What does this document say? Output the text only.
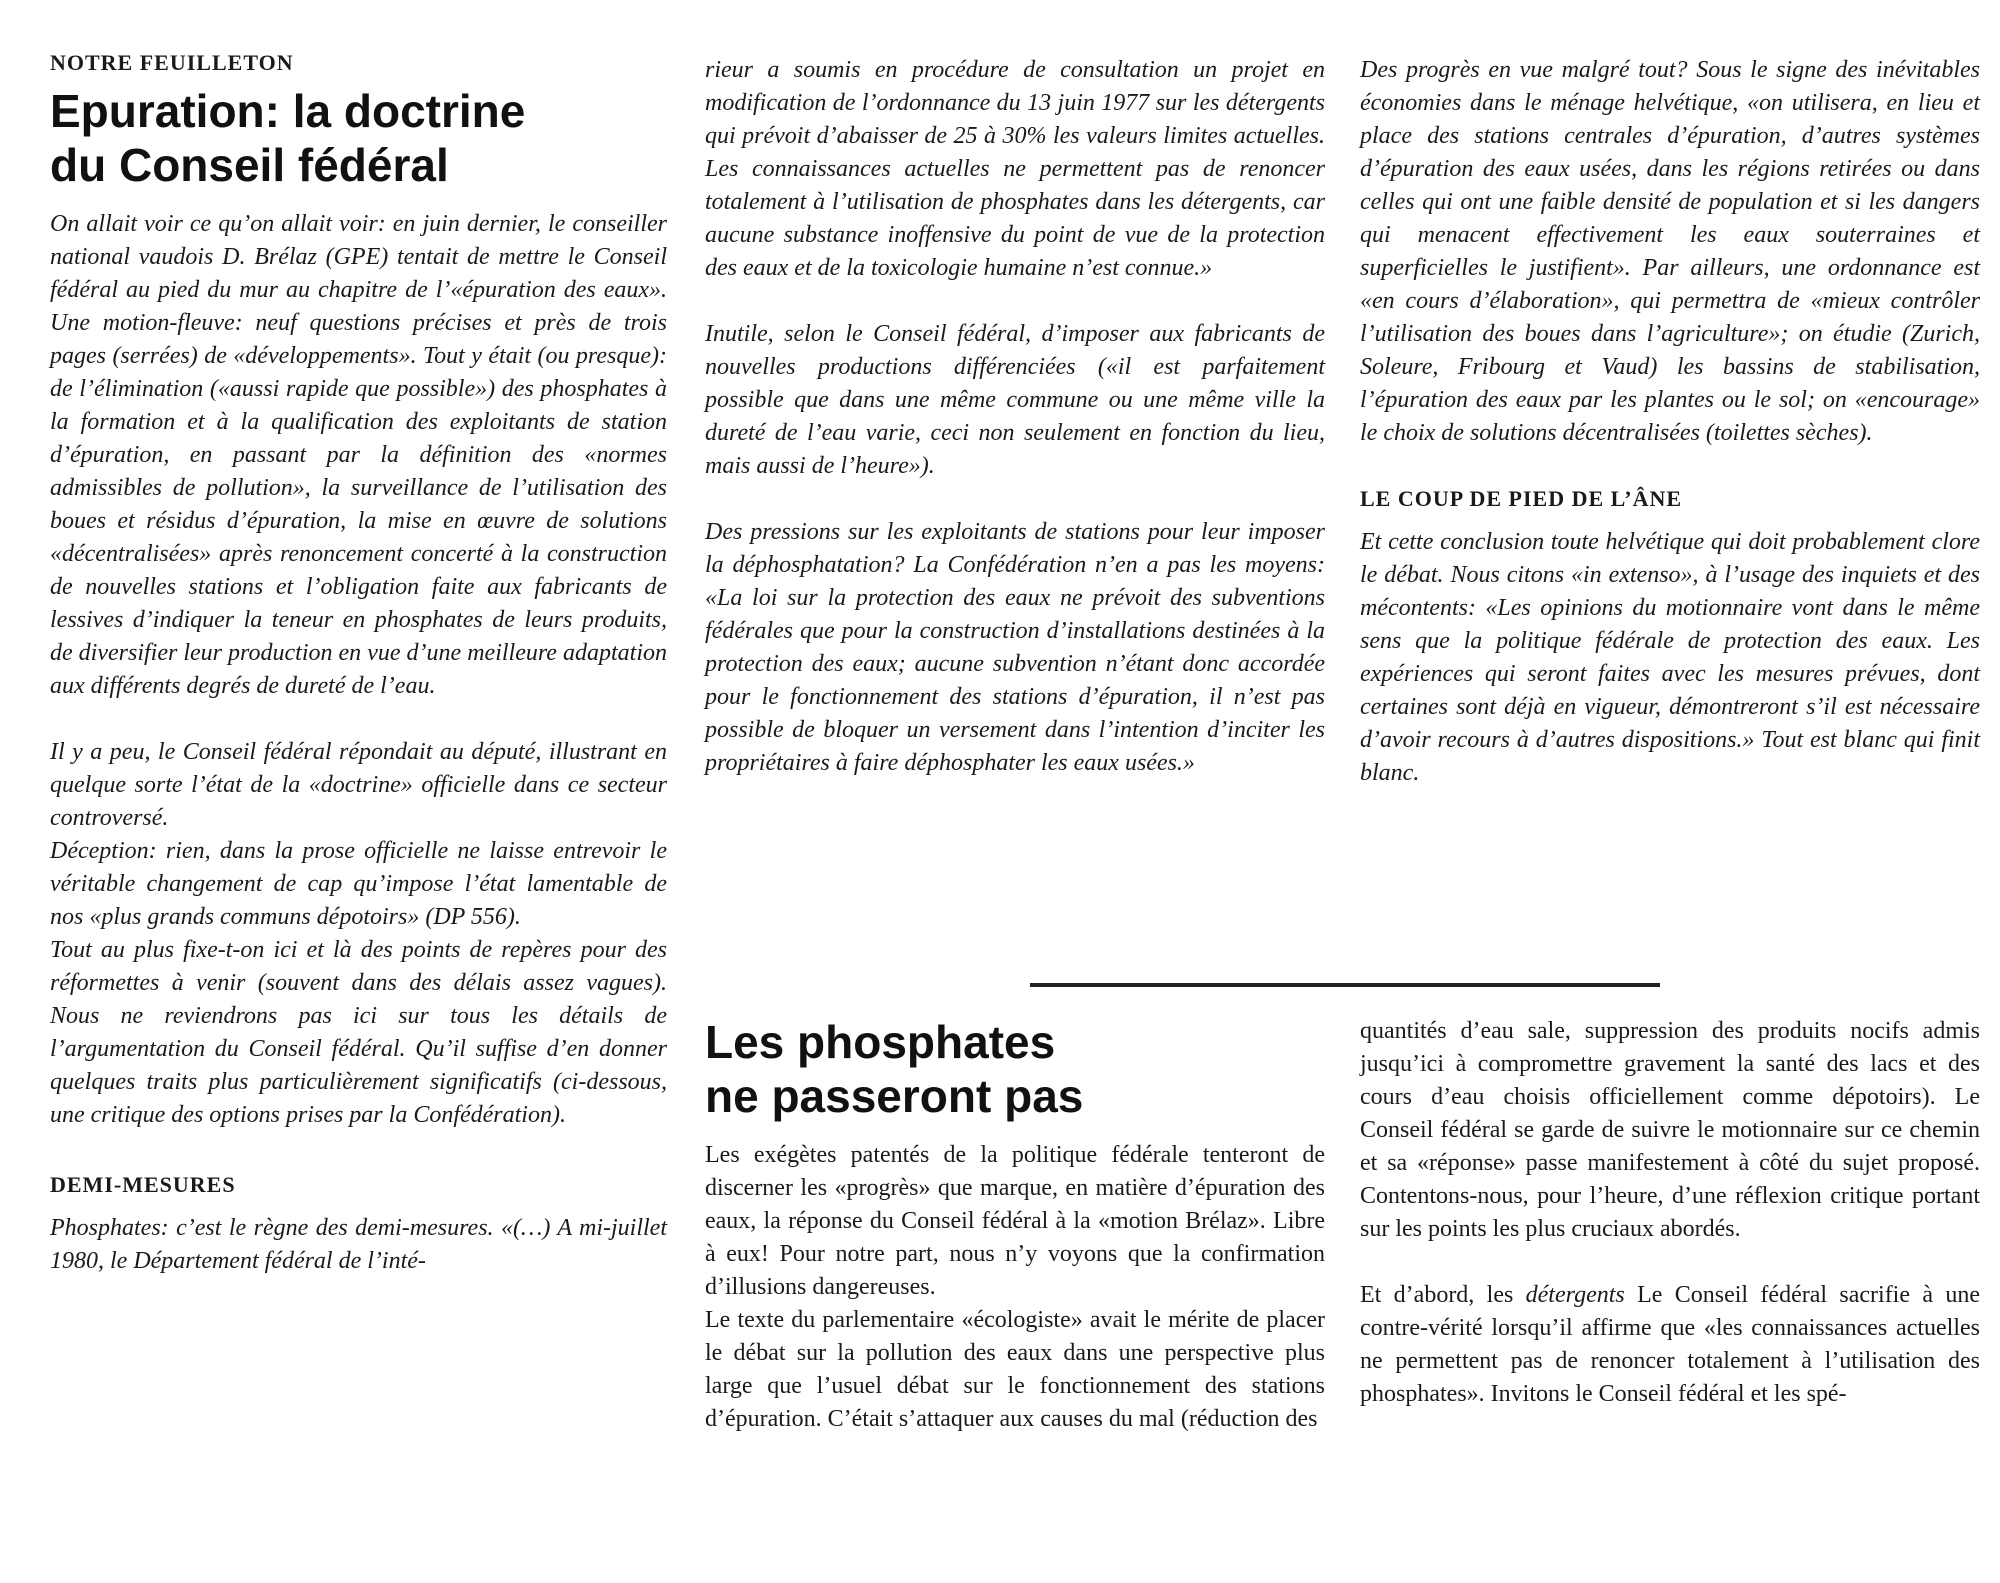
NOTRE FEUILLETON

Epuration: la doctrine
du Conseil fédéral

On allait voir ce qu’on allait voir: en juin dernier, le conseiller national vaudois D. Brélaz (GPE) tentait de mettre le Conseil fédéral au pied du mur au chapitre de l’«épuration des eaux». Une motion-fleuve: neuf questions précises et près de trois pages (serrées) de «développements». Tout y était (ou presque): de l’élimination («aussi rapide que possible») des phosphates à la formation et à la qualification des exploitants de station d’épuration, en passant par la définition des «normes admissibles de pollution», la surveillance de l’utilisation des boues et résidus d’épuration, la mise en œuvre de solutions «décentralisées» après renoncement concerté à la construction de nouvelles stations et l’obligation faite aux fabricants de lessives d’indiquer la teneur en phosphates de leurs produits, de diversifier leur production en vue d’une meilleure adaptation aux différents degrés de dureté de l’eau.

Il y a peu, le Conseil fédéral répondait au député, illustrant en quelque sorte l’état de la «doctrine» officielle dans ce secteur controversé.

Déception: rien, dans la prose officielle ne laisse entrevoir le véritable changement de cap qu’impose l’état lamentable de nos «plus grands communs dépotoirs» (DP 556).

Tout au plus fixe-t-on ici et là des points de repères pour des réformettes à venir (souvent dans des délais assez vagues). Nous ne reviendrons pas ici sur tous les détails de l’argumentation du Conseil fédéral. Qu’il suffise d’en donner quelques traits plus particulièrement significatifs (ci-dessous, une critique des options prises par la Confédération).

DEMI-MESURES

Phosphates: c’est le règne des demi-mesures. «(…) A mi-juillet 1980, le Département fédéral de l’inté-

rieur a soumis en procédure de consultation un projet en modification de l’ordonnance du 13 juin 1977 sur les détergents qui prévoit d’abaisser de 25 à 30% les valeurs limites actuelles. Les connaissances actuelles ne permettent pas de renoncer totalement à l’utilisation de phosphates dans les détergents, car aucune substance inoffensive du point de vue de la protection des eaux et de la toxicologie humaine n’est connue.»

Inutile, selon le Conseil fédéral, d’imposer aux fabricants de nouvelles productions différenciées («il est parfaitement possible que dans une même commune ou une même ville la dureté de l’eau varie, ceci non seulement en fonction du lieu, mais aussi de l’heure»).

Des pressions sur les exploitants de stations pour leur imposer la déphosphatation? La Confédération n’en a pas les moyens: «La loi sur la protection des eaux ne prévoit des subventions fédérales que pour la construction d’installations destinées à la protection des eaux; aucune subvention n’étant donc accordée pour le fonctionnement des stations d’épuration, il n’est pas possible de bloquer un versement dans l’intention d’inciter les propriétaires à faire déphosphater les eaux usées.»

Des progrès en vue malgré tout? Sous le signe des inévitables économies dans le ménage helvétique, «on utilisera, en lieu et place des stations centrales d’épuration, d’autres systèmes d’épuration des eaux usées, dans les régions retirées ou dans celles qui ont une faible densité de population et si les dangers qui menacent effectivement les eaux souterraines et superficielles le justifient». Par ailleurs, une ordonnance est «en cours d’élaboration», qui permettra de «mieux contrôler l’utilisation des boues dans l’agriculture»; on étudie (Zurich, Soleure, Fribourg et Vaud) les bassins de stabilisation, l’épuration des eaux par les plantes ou le sol; on «encourage» le choix de solutions décentralisées (toilettes sèches).

LE COUP DE PIED DE L’ÂNE

Et cette conclusion toute helvétique qui doit probablement clore le débat. Nous citons «in extenso», à l’usage des inquiets et des mécontents: «Les opinions du motionnaire vont dans le même sens que la politique fédérale de protection des eaux. Les expériences qui seront faites avec les mesures prévues, dont certaines sont déjà en vigueur, démontreront s’il est nécessaire d’avoir recours à d’autres dispositions.» Tout est blanc qui finit blanc.

Les phosphates
ne passeront pas

Les exégètes patentés de la politique fédérale tenteront de discerner les «progrès» que marque, en matière d’épuration des eaux, la réponse du Conseil fédéral à la «motion Brélaz». Libre à eux! Pour notre part, nous n’y voyons que la confirmation d’illusions dangereuses.

Le texte du parlementaire «écologiste» avait le mérite de placer le débat sur la pollution des eaux dans une perspective plus large que l’usuel débat sur le fonctionnement des stations d’épuration. C’était s’attaquer aux causes du mal (réduction des

quantités d’eau sale, suppression des produits nocifs admis jusqu’ici à compromettre gravement la santé des lacs et des cours d’eau choisis officiellement comme dépotoirs). Le Conseil fédéral se garde de suivre le motionnaire sur ce chemin et sa «réponse» passe manifestement à côté du sujet proposé. Contentons-nous, pour l’heure, d’une réflexion critique portant sur les points les plus cruciaux abordés.

Et d’abord, les détergents Le Conseil fédéral sacrifie à une contre-vérité lorsqu’il affirme que «les connaissances actuelles ne permettent pas de renoncer totalement à l’utilisation des phosphates». Invitons le Conseil fédéral et les spé-
